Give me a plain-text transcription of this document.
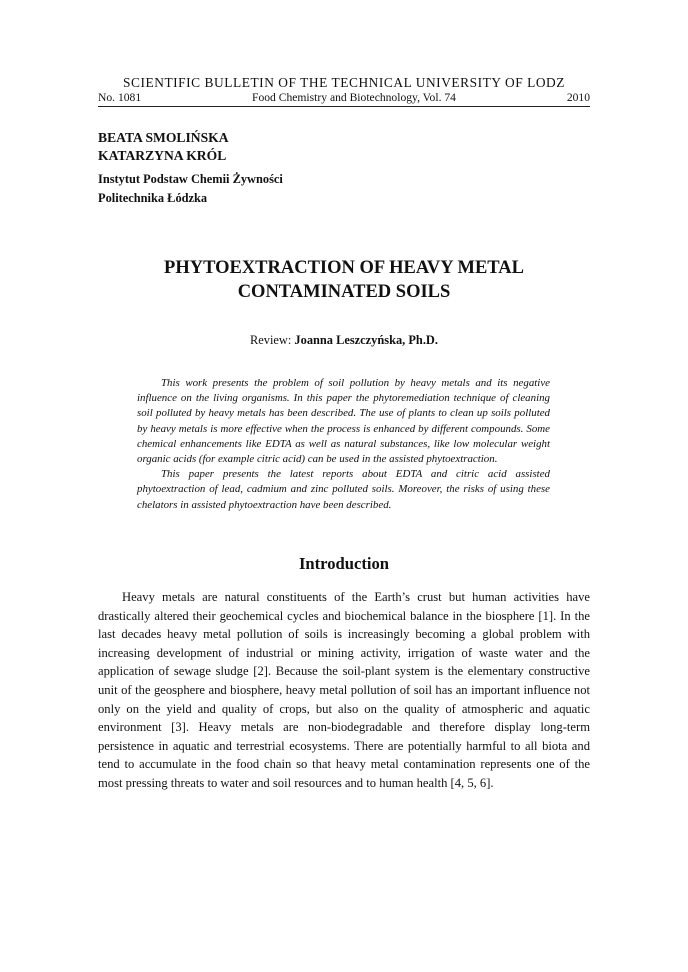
SCIENTIFIC BULLETIN OF THE TECHNICAL UNIVERSITY OF LODZ
No. 1081	Food Chemistry and Biotechnology, Vol. 74	2010
BEATA SMOLIŃSKA
KATARZYNA KRÓL
Instytut Podstaw Chemii Żywności
Politechnika Łódzka
PHYTOEXTRACTION OF HEAVY METAL
CONTAMINATED SOILS
Review: Joanna Leszczyńska, Ph.D.

This work presents the problem of soil pollution by heavy metals and its negative influence on the living organisms. In this paper the phytoremediation technique of cleaning soil polluted by heavy metals has been described. The use of plants to clean up soils polluted by heavy metals is more effective when the process is enhanced by different compounds. Some chemical enhancements like EDTA as well as natural substances, like low molecular weight organic acids (for example citric acid) can be used in the assisted phytoextraction.

This paper presents the latest reports about EDTA and citric acid assisted phytoextraction of lead, cadmium and zinc polluted soils. Moreover, the risks of using these chelators in assisted phytoextraction have been described.

Introduction

Heavy metals are natural constituents of the Earth’s crust but human activities have drastically altered their geochemical cycles and biochemical balance in the biosphere [1]. In the last decades heavy metal pollution of soils is increasingly becoming a global problem with increasing development of industrial or mining activity, irrigation of waste water and the application of sewage sludge [2]. Because the soil-plant system is the elementary constructive unit of the geosphere and biosphere, heavy metal pollution of soil has an important influence not only on the yield and quality of crops, but also on the quality of atmospheric and aquatic environment [3]. Heavy metals are non-biodegradable and therefore display long-term persistence in aquatic and terrestrial ecosystems. There are potentially harmful to all biota and tend to accumulate in the food chain so that heavy metal contamination represents one of the most pressing threats to water and soil resources and to human health [4, 5, 6].
